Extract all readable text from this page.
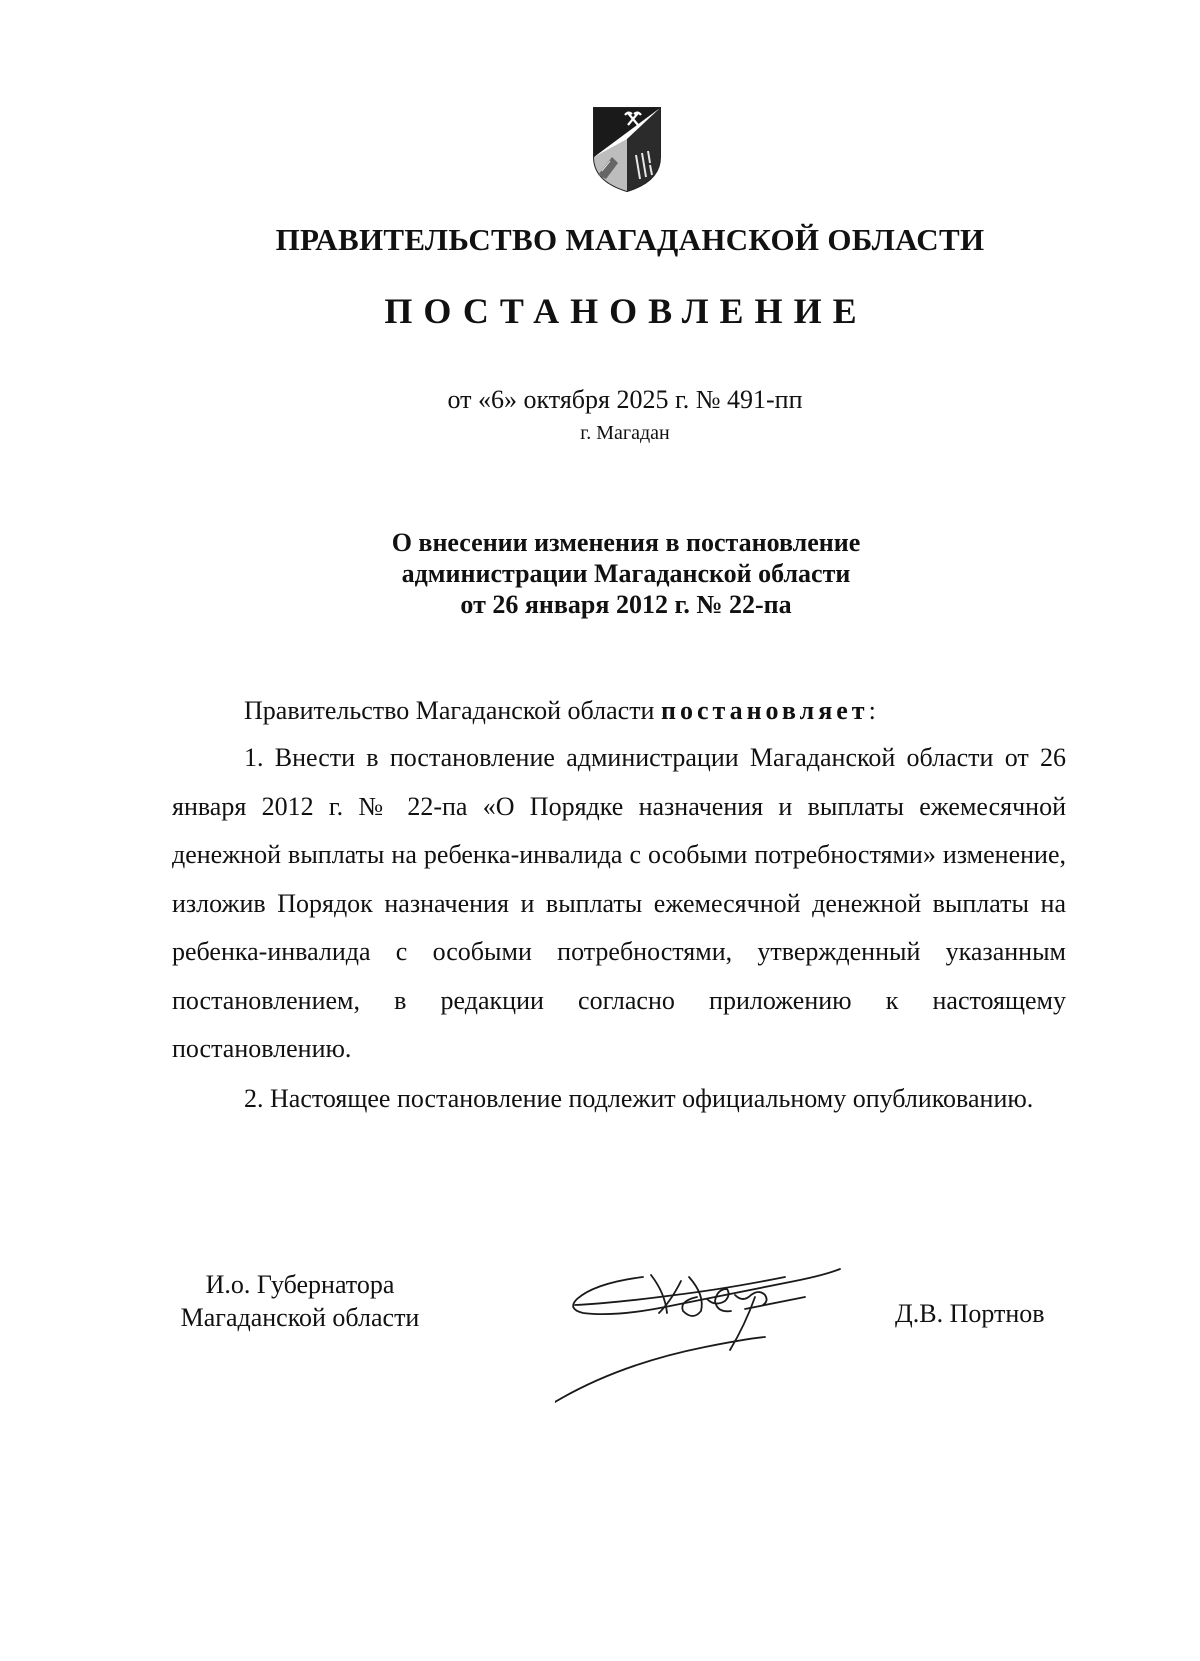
1731
ПРАВИТЕЛЬСТВО МАГАДАНСКОЙ ОБЛАСТИ
ПОСТАНОВЛЕНИЕ
от «6» октября 2025 г. № 491-пп
г. Магадан
О внесении изменения в постановление
администрации Магаданской области
от 26 января 2012 г. № 22-па

Правительство Магаданской области постановляет:

1. Внести в постановление администрации Магаданской области от 26 января 2012 г. № 22-па «О Порядке назначения и выплаты ежемесячной денежной выплаты на ребенка-инвалида с особыми потребностями» изменение, изложив Порядок назначения и выплаты ежемесячной денежной выплаты на ребенка-инвалида с особыми потребностями, утвержденный указанным постановлением, в редакции согласно приложению к настоящему постановлению.

2. Настоящее постановление подлежит официальному опубликованию.

И.о. Губернатора
Магаданской области	Д.В. Портнов
